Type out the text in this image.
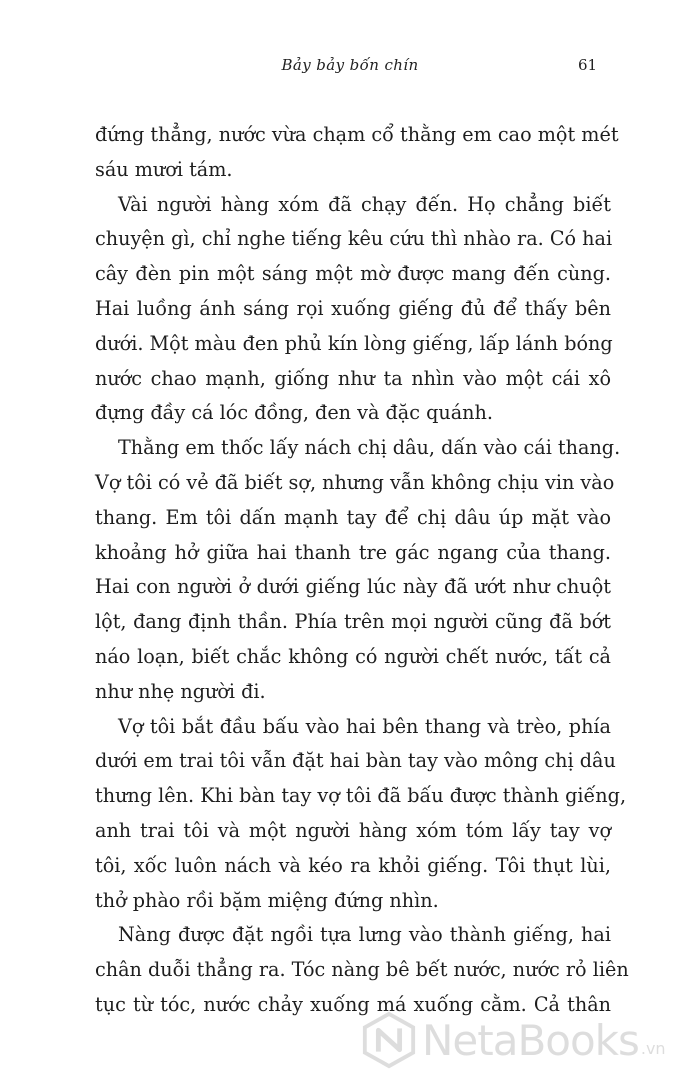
Bảy bảy bốn chín	61
đứng thẳng, nước vừa chạm cổ thằng em cao một mét
sáu mươi tám.
Vài người hàng xóm đã chạy đến. Họ chẳng biết
chuyện gì, chỉ nghe tiếng kêu cứu thì nhào ra. Có hai
cây đèn pin một sáng một mờ được mang đến cùng.
Hai luồng ánh sáng rọi xuống giếng đủ để thấy bên
dưới. Một màu đen phủ kín lòng giếng, lấp lánh bóng
nước chao mạnh, giống như ta nhìn vào một cái xô
đựng đầy cá lóc đồng, đen và đặc quánh.
Thằng em thốc lấy nách chị dâu, dấn vào cái thang.
Vợ tôi có vẻ đã biết sợ, nhưng vẫn không chịu vin vào
thang. Em tôi dấn mạnh tay để chị dâu úp mặt vào
khoảng hở giữa hai thanh tre gác ngang của thang.
Hai con người ở dưới giếng lúc này đã ướt như chuột
lột, đang định thần. Phía trên mọi người cũng đã bớt
náo loạn, biết chắc không có người chết nước, tất cả
như nhẹ người đi.
Vợ tôi bắt đầu bấu vào hai bên thang và trèo, phía
dưới em trai tôi vẫn đặt hai bàn tay vào mông chị dâu
thưng lên. Khi bàn tay vợ tôi đã bấu được thành giếng,
anh trai tôi và một người hàng xóm tóm lấy tay vợ
tôi, xốc luôn nách và kéo ra khỏi giếng. Tôi thụt lùi,
thở phào rồi bặm miệng đứng nhìn.
Nàng được đặt ngồi tựa lưng vào thành giếng, hai
chân duỗi thẳng ra. Tóc nàng bê bết nước, nước rỏ liên
tục từ tóc, nước chảy xuống má xuống cằm. Cả thân
NetaBooks .vn
